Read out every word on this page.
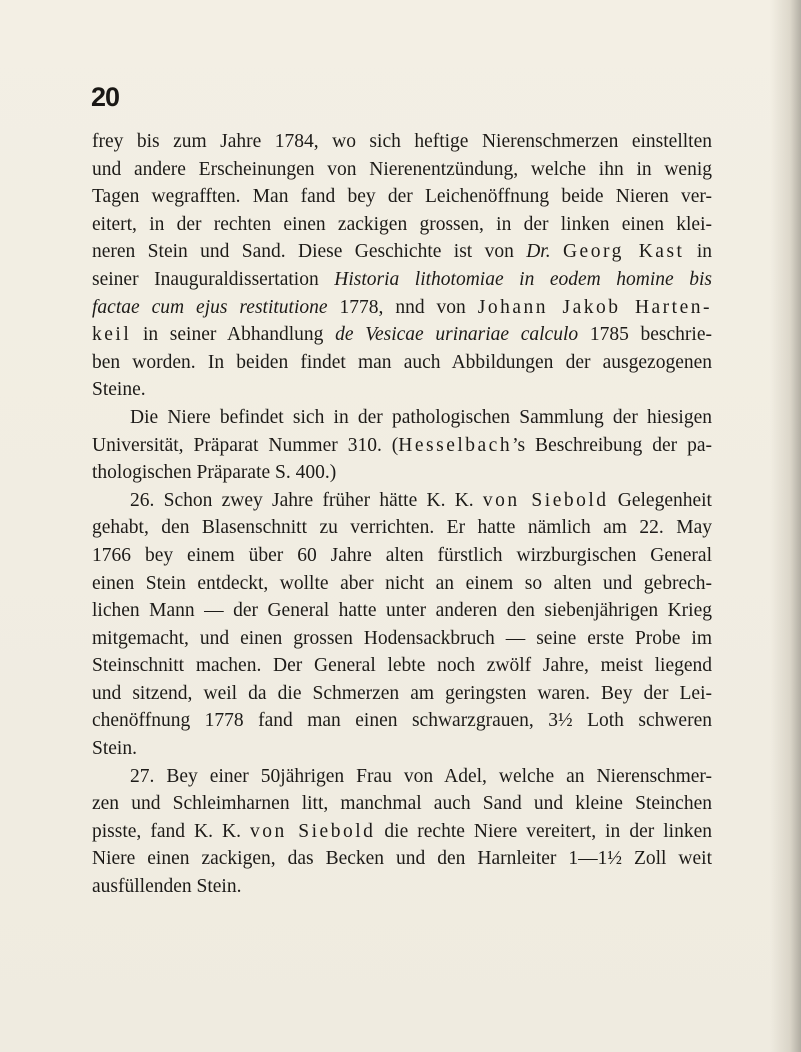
20
frey bis zum Jahre 1784, wo sich heftige Nierenschmerzen einstellten
und andere Erscheinungen von Nierenentzündung, welche ihn in wenig
Tagen wegrafften. Man fand bey der Leichenöffnung beide Nieren ver-
eitert, in der rechten einen zackigen grossen, in der linken einen klei-
neren Stein und Sand. Diese Geschichte ist von Dr. Georg Kast in
seiner Inauguraldissertation Historia lithotomiae in eodem homine bis
factae cum ejus restitutione 1778, nnd von Johann Jakob Harten-
keil in seiner Abhandlung de Vesicae urinariae calculo 1785 beschrie-
ben worden. In beiden findet man auch Abbildungen der ausgezogenen
Steine.
Die Niere befindet sich in der pathologischen Sammlung der hiesigen
Universität, Präparat Nummer 310. (Hesselbach’s Beschreibung der pa-
thologischen Präparate S. 400.)
26. Schon zwey Jahre früher hätte K. K. von Siebold Gelegenheit
gehabt, den Blasenschnitt zu verrichten. Er hatte nämlich am 22. May
1766 bey einem über 60 Jahre alten fürstlich wirzburgischen General
einen Stein entdeckt, wollte aber nicht an einem so alten und gebrech-
lichen Mann — der General hatte unter anderen den siebenjährigen Krieg
mitgemacht, und einen grossen Hodensackbruch — seine erste Probe im
Steinschnitt machen. Der General lebte noch zwölf Jahre, meist liegend
und sitzend, weil da die Schmerzen am geringsten waren. Bey der Lei-
chenöffnung 1778 fand man einen schwarzgrauen, 3½ Loth schweren
Stein.
27. Bey einer 50jährigen Frau von Adel, welche an Nierenschmer-
zen und Schleimharnen litt, manchmal auch Sand und kleine Steinchen
pisste, fand K. K. von Siebold die rechte Niere vereitert, in der linken
Niere einen zackigen, das Becken und den Harnleiter 1—1½ Zoll weit
ausfüllenden Stein.
